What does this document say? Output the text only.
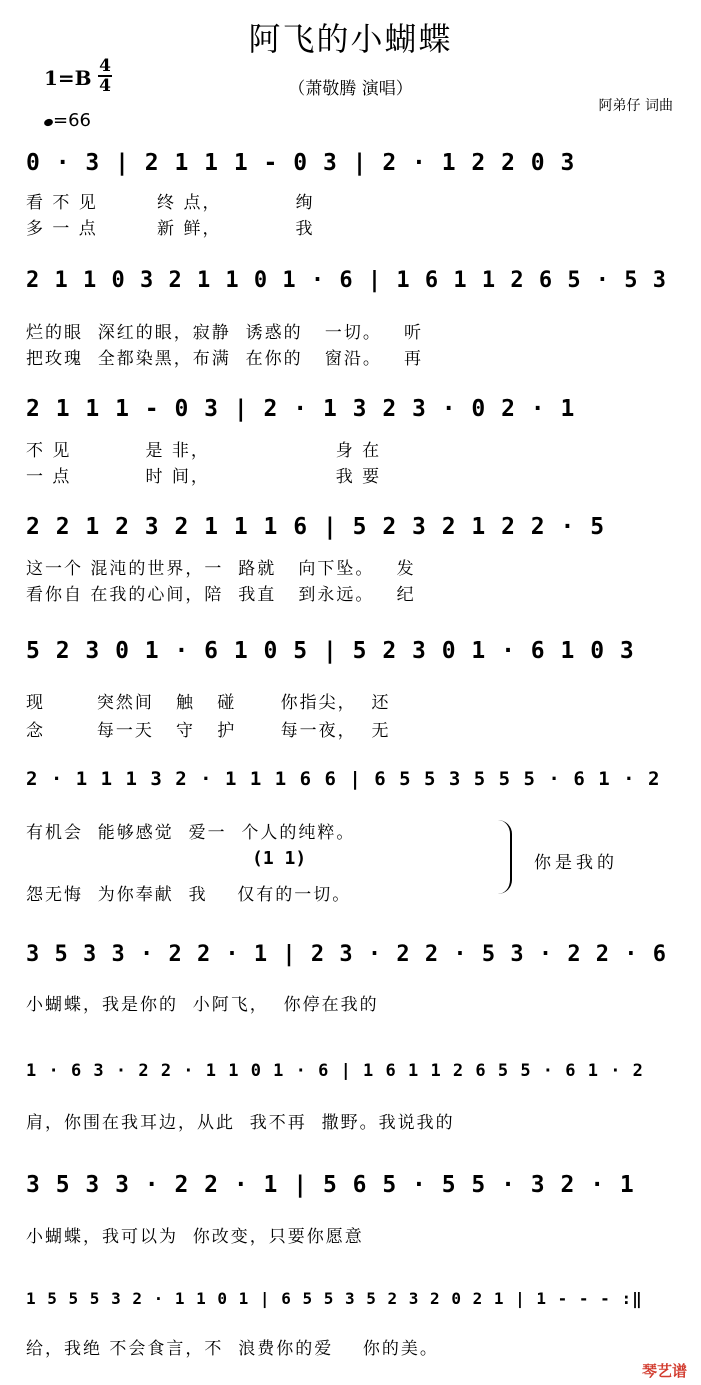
阿飞的小蝴蝶
1=B 4
4	（萧敬腾 演唱）
=66
阿弟仔 词曲
0 · 3 | 2 1 1 1 - 0 3 | 2 · 1 2 2 0 3
看 不 见        终 点，          绚
多 一 点        新 鲜，          我
2 1 1 0 3 2 1 1 0 1 · 6 | 1 6 1 1 2 6 5 · 5 3
烂的眼  深红的眼，寂静  诱惑的   一切。   听
把玫瑰  全都染黑，布满  在你的   窗沿。   再
2 1 1 1 - 0 3 | 2 · 1 3 2 3 · 0 2 · 1
不 见          是 非，                 身 在
一 点          时 间，                 我 要
2 2 1 2 3 2 1 1 1 6 | 5 2 3 2 1 2 2 · 5
这一个 混沌的世界，一  路就   向下坠。   发
看你自 在我的心间，陪  我直   到永远。   纪
5 2 3 0 1 · 6 1 0 5 | 5 2 3 0 1 · 6 1 0 3
现       突然间   触   碰      你指尖，  还
念       每一天   守   护      每一夜，  无
2 · 1 1 1 3 2 · 1 1 1 6 6 | 6 5 5 3 5 5 5 · 6 1 · 2
有机会  能够感觉  爱一  个人的纯粹。
(1 1)
怨无悔  为你奉献  我    仅有的一切。
你是我的
3 5 3 3 · 2 2 · 1 | 2 3 · 2 2 · 5 3 · 2 2 · 6
小蝴蝶，我是你的  小阿飞，  你停在我的
1 · 6 3 · 2 2 · 1 1 0 1 · 6 | 1 6 1 1 2 6 5 5 · 6 1 · 2
肩，你围在我耳边，从此  我不再  撒野。我说我的
3 5 3 3 · 2 2 · 1 | 5 6 5 · 5 5 · 3 2 · 1
小蝴蝶，我可以为  你改变，只要你愿意
1 5 5 5 3 2 · 1 1 0 1 | 6 5 5 3 5 2 3 2 0 2 1 | 1 - - - :‖
给，我绝 不会食言，不  浪费你的爱    你的美。
琴艺谱
